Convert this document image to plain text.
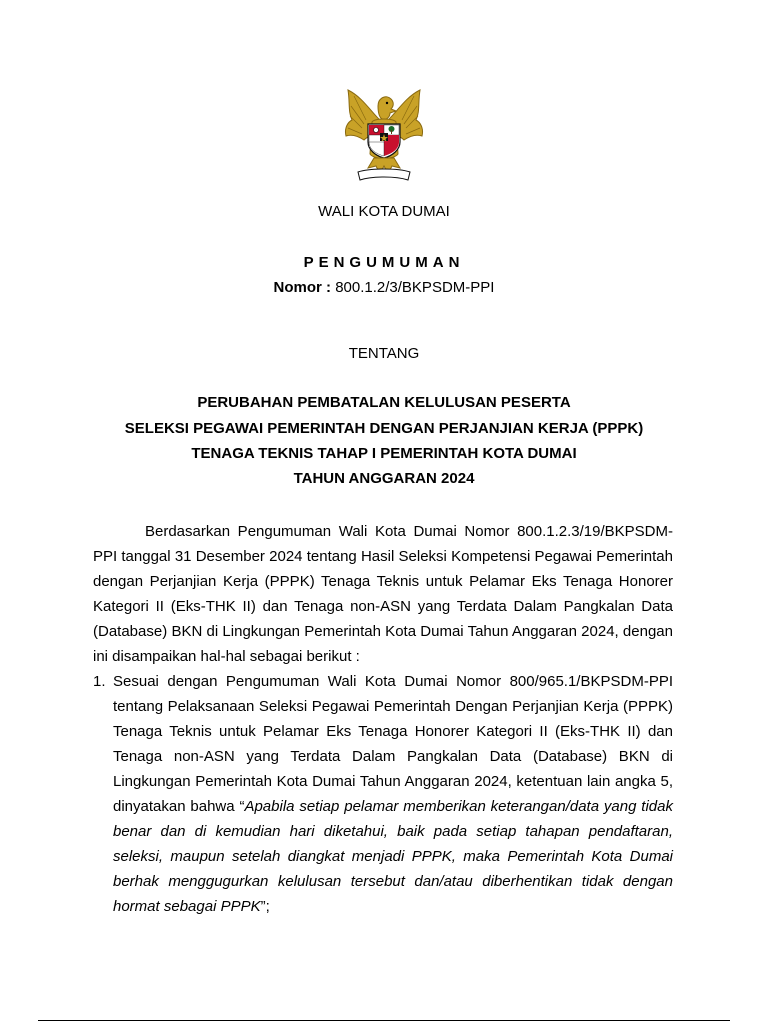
WALI KOTA DUMAI
PENGUMUMAN
Nomor : 800.1.2/3/BKPSDM-PPI
TENTANG
PERUBAHAN PEMBATALAN KELULUSAN PESERTA
SELEKSI PEGAWAI PEMERINTAH DENGAN PERJANJIAN KERJA (PPPK)
TENAGA TEKNIS TAHAP I PEMERINTAH KOTA DUMAI
TAHUN ANGGARAN 2024

Berdasarkan Pengumuman Wali Kota Dumai Nomor 800.1.2.3/19/BKPSDM-PPI tanggal 31 Desember 2024 tentang Hasil Seleksi Kompetensi Pegawai Pemerintah dengan Perjanjian Kerja (PPPK) Tenaga Teknis untuk Pelamar Eks Tenaga Honorer Kategori II (Eks-THK II) dan Tenaga non-ASN yang Terdata Dalam Pangkalan Data (Database) BKN di Lingkungan Pemerintah Kota Dumai Tahun Anggaran 2024, dengan ini disampaikan hal-hal sebagai berikut :

1. Sesuai dengan Pengumuman Wali Kota Dumai Nomor 800/965.1/BKPSDM-PPI tentang Pelaksanaan Seleksi Pegawai Pemerintah Dengan Perjanjian Kerja (PPPK) Tenaga Teknis untuk Pelamar Eks Tenaga Honorer Kategori II (Eks-THK II) dan Tenaga non-ASN yang Terdata Dalam Pangkalan Data (Database) BKN di Lingkungan Pemerintah Kota Dumai Tahun Anggaran 2024, ketentuan lain angka 5, dinyatakan bahwa “Apabila setiap pelamar memberikan keterangan/data yang tidak benar dan di kemudian hari diketahui, baik pada setiap tahapan pendaftaran, seleksi, maupun setelah diangkat menjadi PPPK, maka Pemerintah Kota Dumai berhak menggugurkan kelulusan tersebut dan/atau diberhentikan tidak dengan hormat sebagai PPPK”;
